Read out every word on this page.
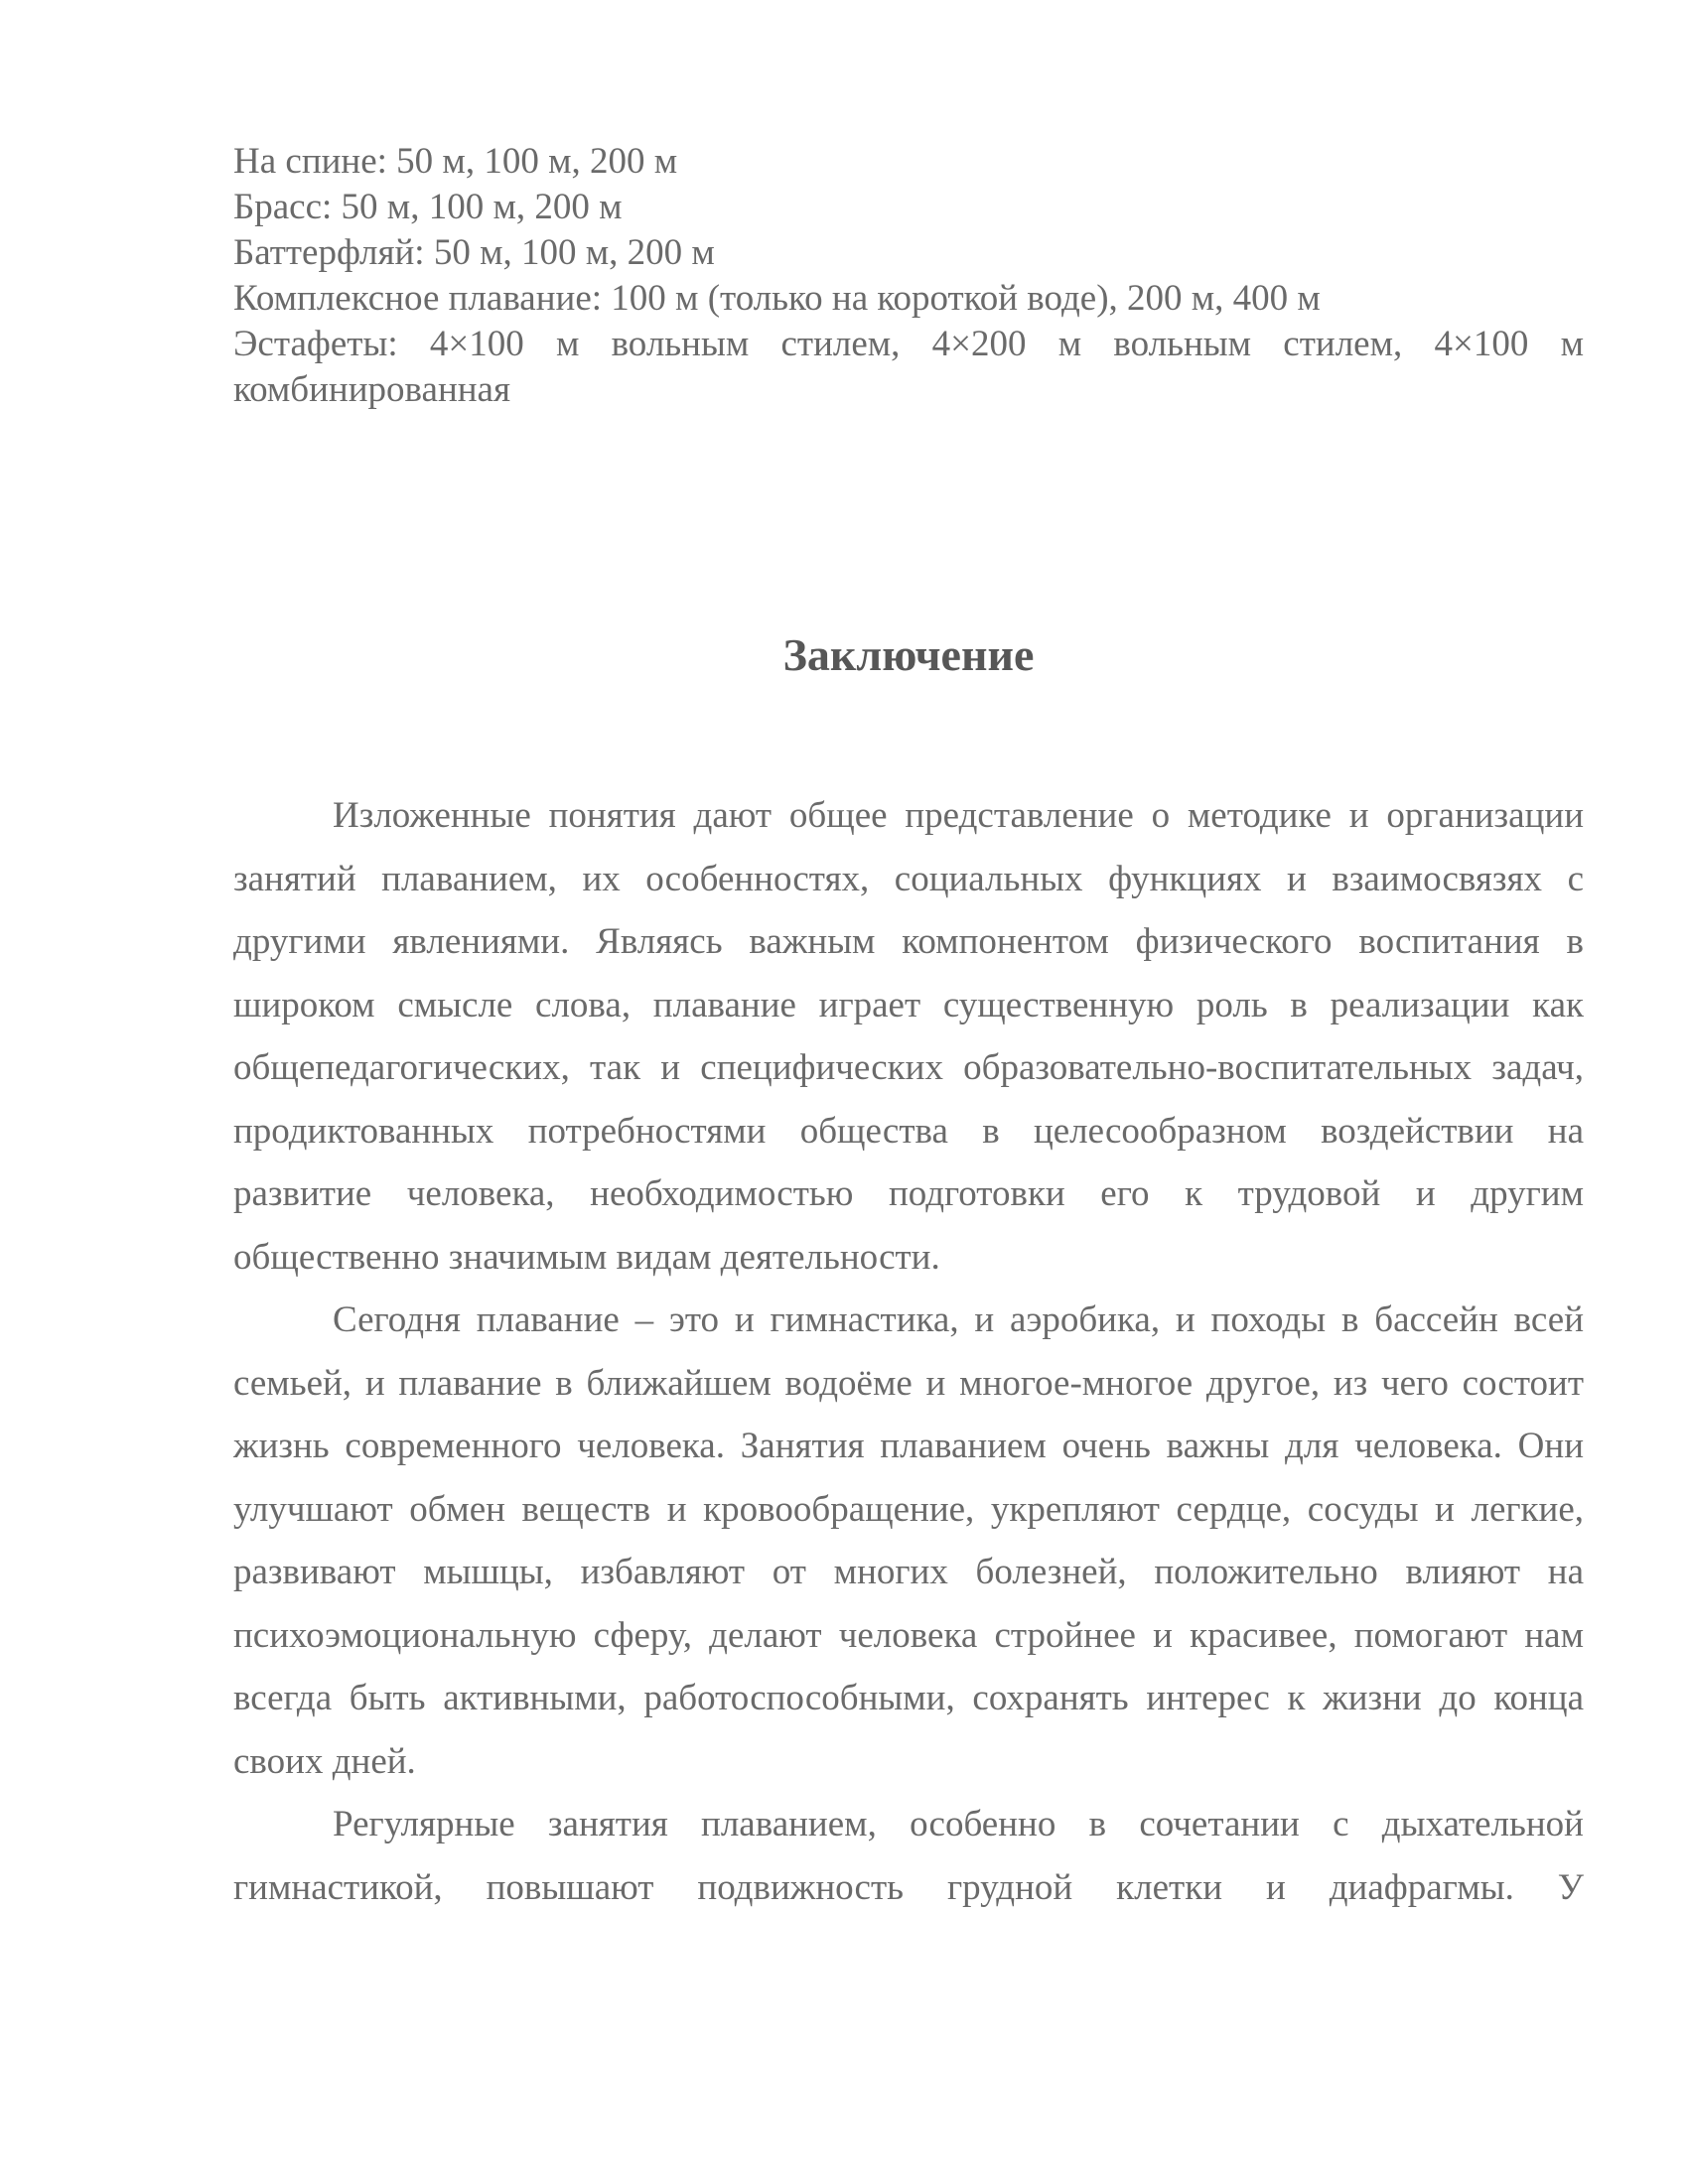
На спине: 50 м, 100 м, 200 м
Брасс: 50 м, 100 м, 200 м
Баттерфляй: 50 м, 100 м, 200 м
Комплексное плавание: 100 м (только на короткой воде), 200 м, 400 м
Эстафеты: 4×100 м вольным стилем, 4×200 м вольным стилем, 4×100 м
комбинированная
Заключение
Изложенные понятия дают общее представление о методике и организации
занятий плаванием, их особенностях, социальных функциях и взаимосвязях с
другими явлениями. Являясь важным компонентом физического воспитания в
широком смысле слова, плавание играет существенную роль в реализации как
общепедагогических, так и специфических образовательно-воспитательных задач,
продиктованных потребностями общества в целесообразном воздействии на
развитие человека, необходимостью подготовки его к трудовой и другим
общественно значимым видам деятельности.
Сегодня плавание – это и гимнастика, и аэробика, и походы в бассейн всей
семьей, и плавание в ближайшем водоёме и многое-многое другое, из чего состоит
жизнь современного человека. Занятия плаванием очень важны для человека. Они
улучшают обмен веществ и кровообращение, укрепляют сердце, сосуды и легкие,
развивают мышцы, избавляют от многих болезней, положительно влияют на
психоэмоциональную сферу, делают человека стройнее и красивее, помогают нам
всегда быть активными, работоспособными, сохранять интерес к жизни до конца
своих дней.
Регулярные занятия плаванием, особенно в сочетании с дыхательной
гимнастикой, повышают подвижность грудной клетки и диафрагмы. У
